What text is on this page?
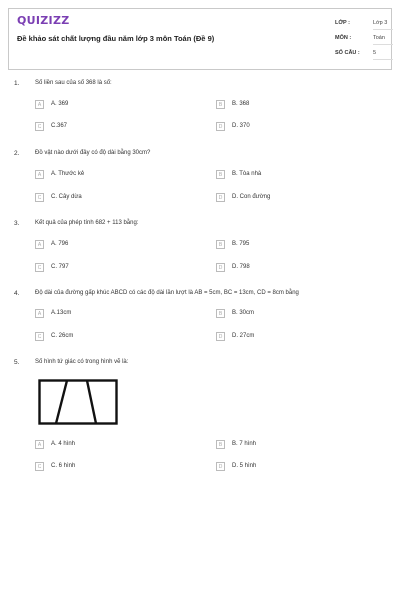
QUIZIZZ
Đề khảo sát chất lượng đầu năm lớp 3 môn Toán (Đề 9)
LỚP :	Lớp 3
MÔN :	Toán
SỐ CÂU : 5
1.	Số liền sau của số 368 là số:
A	A. 369	B	B. 368
C	C.367	D	D. 370
2.	Đồ vật nào dưới đây có độ dài bằng 30cm?
A	A. Thước kẻ	B	B. Tòa nhà
C	C. Cây dừa	D	D. Con đường
3.	Kết quả của phép tính 682 + 113 bằng:
A	A. 796	B	B. 795
C	C. 797	D	D. 798
4.	Độ dài của đường gấp khúc ABCD có các độ dài lần lượt là AB = 5cm, BC = 13cm, CD = 8cm bằng
A	A.13cm	B	B. 30cm
C	C. 26cm	D	D. 27cm
5.	Số hình tứ giác có trong hình vẽ là:
A	A. 4 hình	B	B. 7 hình
C	C. 6 hình	D	D. 5 hình
